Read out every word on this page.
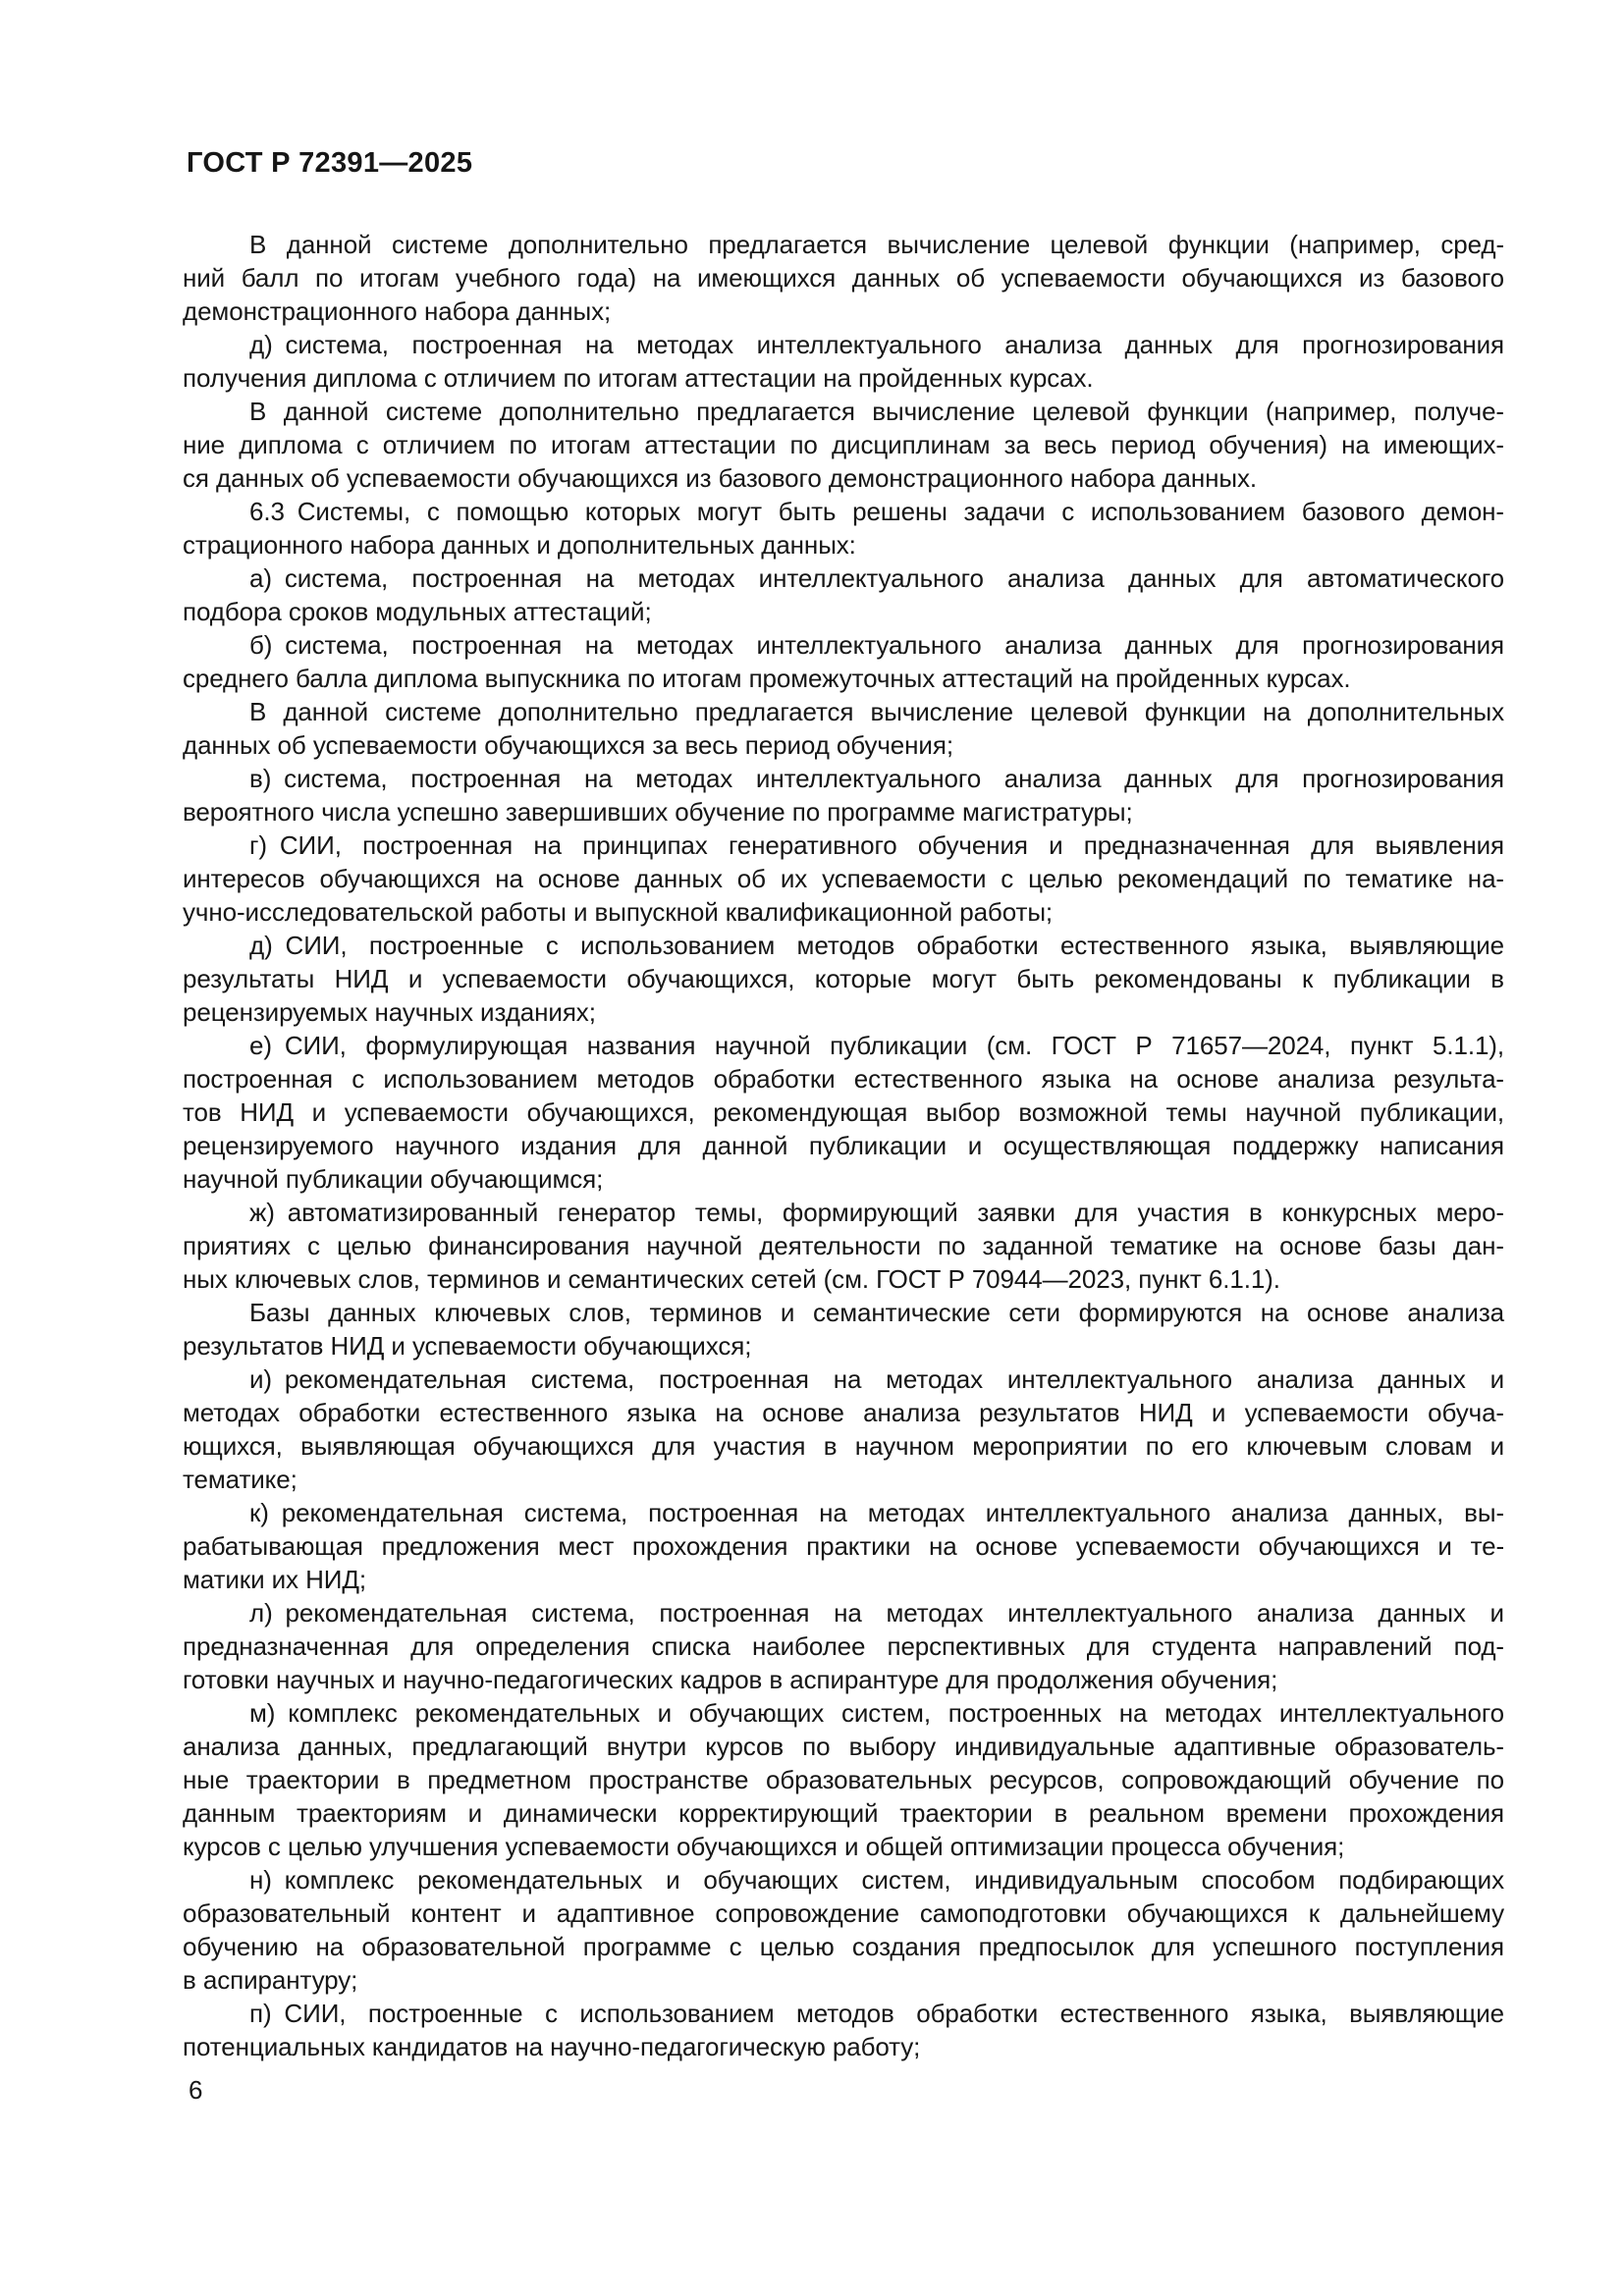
ГОСТ Р 72391—2025

В данной системе дополнительно предлагается вычисление целевой функции (например, сред-
ний балл по итогам учебного года) на имеющихся данных об успеваемости обучающихся из базового
демонстрационного набора данных;

д) система, построенная на методах интеллектуального анализа данных для прогнозирования
получения диплома с отличием по итогам аттестации на пройденных курсах.

В данной системе дополнительно предлагается вычисление целевой функции (например, получе-
ние диплома с отличием по итогам аттестации по дисциплинам за весь период обучения) на имеющих-
ся данных об успеваемости обучающихся из базового демонстрационного набора данных.

6.3 Системы, с помощью которых могут быть решены задачи с использованием базового демон-
страционного набора данных и дополнительных данных:

а) система, построенная на методах интеллектуального анализа данных для автоматического
подбора сроков модульных аттестаций;

б) система, построенная на методах интеллектуального анализа данных для прогнозирования
среднего балла диплома выпускника по итогам промежуточных аттестаций на пройденных курсах.

В данной системе дополнительно предлагается вычисление целевой функции на дополнительных
данных об успеваемости обучающихся за весь период обучения;

в) система, построенная на методах интеллектуального анализа данных для прогнозирования
вероятного числа успешно завершивших обучение по программе магистратуры;

г) СИИ, построенная на принципах генеративного обучения и предназначенная для выявления
интересов обучающихся на основе данных об их успеваемости с целью рекомендаций по тематике на-
учно-исследовательской работы и выпускной квалификационной работы;

д) СИИ, построенные с использованием методов обработки естественного языка, выявляющие
результаты НИД и успеваемости обучающихся, которые могут быть рекомендованы к публикации в
рецензируемых научных изданиях;

е) СИИ, формулирующая названия научной публикации (см. ГОСТ Р 71657—2024, пункт 5.1.1),
построенная с использованием методов обработки естественного языка на основе анализа результа-
тов НИД и успеваемости обучающихся, рекомендующая выбор возможной темы научной публикации,
рецензируемого научного издания для данной публикации и осуществляющая поддержку написания
научной публикации обучающимся;

ж) автоматизированный генератор темы, формирующий заявки для участия в конкурсных меро-
приятиях с целью финансирования научной деятельности по заданной тематике на основе базы дан-
ных ключевых слов, терминов и семантических сетей (см. ГОСТ Р 70944—2023, пункт 6.1.1).

Базы данных ключевых слов, терминов и семантические сети формируются на основе анализа
результатов НИД и успеваемости обучающихся;

и) рекомендательная система, построенная на методах интеллектуального анализа данных и
методах обработки естественного языка на основе анализа результатов НИД и успеваемости обуча-
ющихся, выявляющая обучающихся для участия в научном мероприятии по его ключевым словам и
тематике;

к) рекомендательная система, построенная на методах интеллектуального анализа данных, вы-
рабатывающая предложения мест прохождения практики на основе успеваемости обучающихся и те-
матики их НИД;

л) рекомендательная система, построенная на методах интеллектуального анализа данных и
предназначенная для определения списка наиболее перспективных для студента направлений под-
готовки научных и научно-педагогических кадров в аспирантуре для продолжения обучения;

м) комплекс рекомендательных и обучающих систем, построенных на методах интеллектуального
анализа данных, предлагающий внутри курсов по выбору индивидуальные адаптивные образователь-
ные траектории в предметном пространстве образовательных ресурсов, сопровождающий обучение по
данным траекториям и динамически корректирующий траектории в реальном времени прохождения
курсов с целью улучшения успеваемости обучающихся и общей оптимизации процесса обучения;

н) комплекс рекомендательных и обучающих систем, индивидуальным способом подбирающих
образовательный контент и адаптивное сопровождение самоподготовки обучающихся к дальнейшему
обучению на образовательной программе с целью создания предпосылок для успешного поступления
в аспирантуру;

п) СИИ, построенные с использованием методов обработки естественного языка, выявляющие
потенциальных кандидатов на научно-педагогическую работу;

6
